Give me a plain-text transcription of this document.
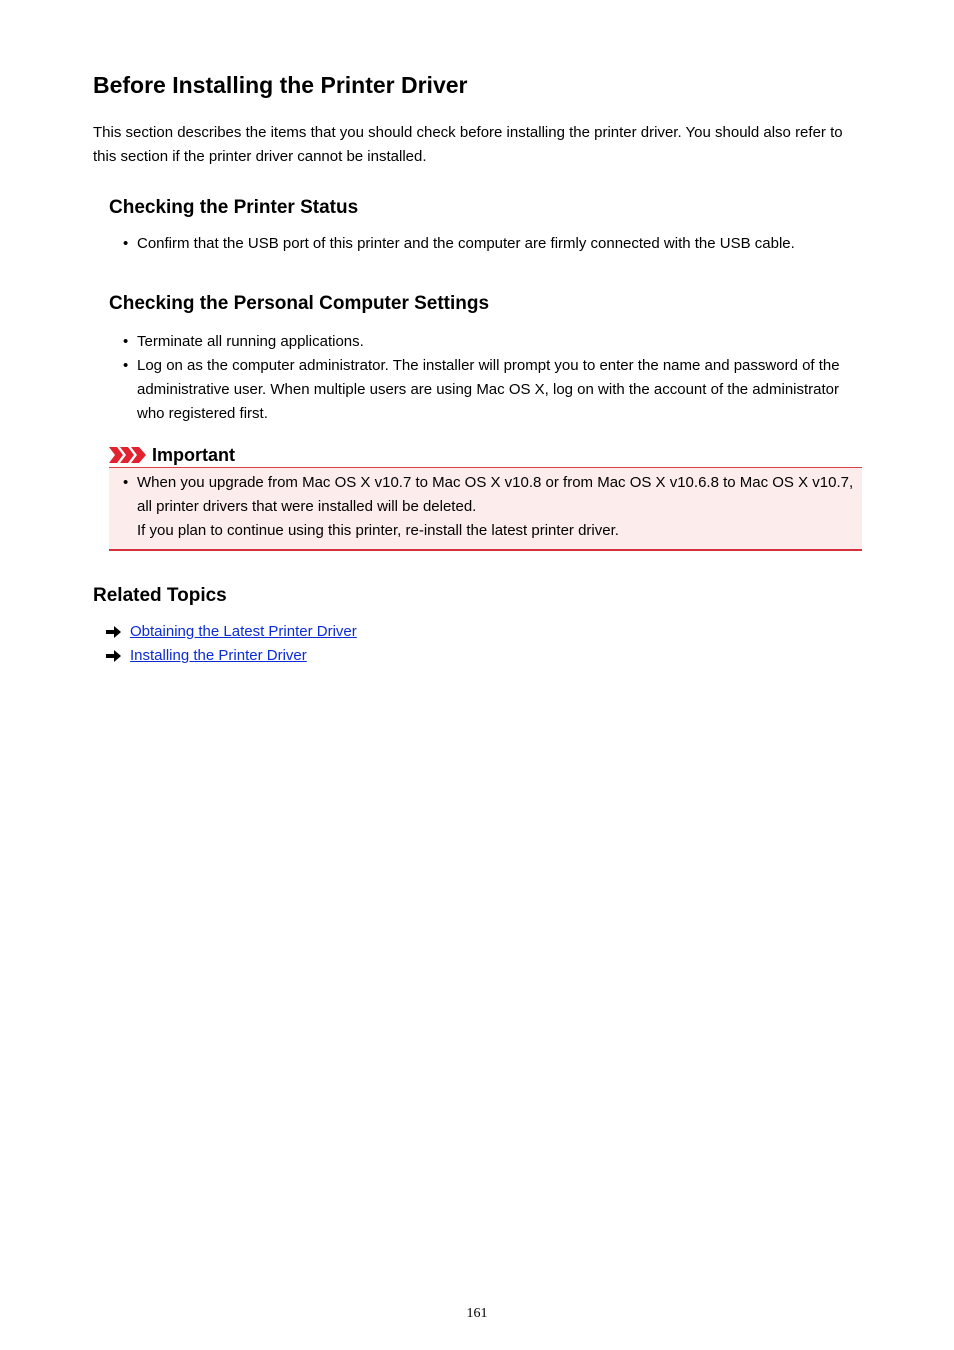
Before Installing the Printer Driver

This section describes the items that you should check before installing the printer driver. You should also refer to this section if the printer driver cannot be installed.

Checking the Printer Status
• Confirm that the USB port of this printer and the computer are firmly connected with the USB cable.
Checking the Personal Computer Settings
• Terminate all running applications.
• Log on as the computer administrator. The installer will prompt you to enter the name and password of the administrative user. When multiple users are using Mac OS X, log on with the account of the administrator who registered first.
Important
• When you upgrade from Mac OS X v10.7 to Mac OS X v10.8 or from Mac OS X v10.6.8 to Mac OS X v10.7, all printer drivers that were installed will be deleted.
If you plan to continue using this printer, re-install the latest printer driver.
Related Topics
Obtaining the Latest Printer Driver
Installing the Printer Driver
161
